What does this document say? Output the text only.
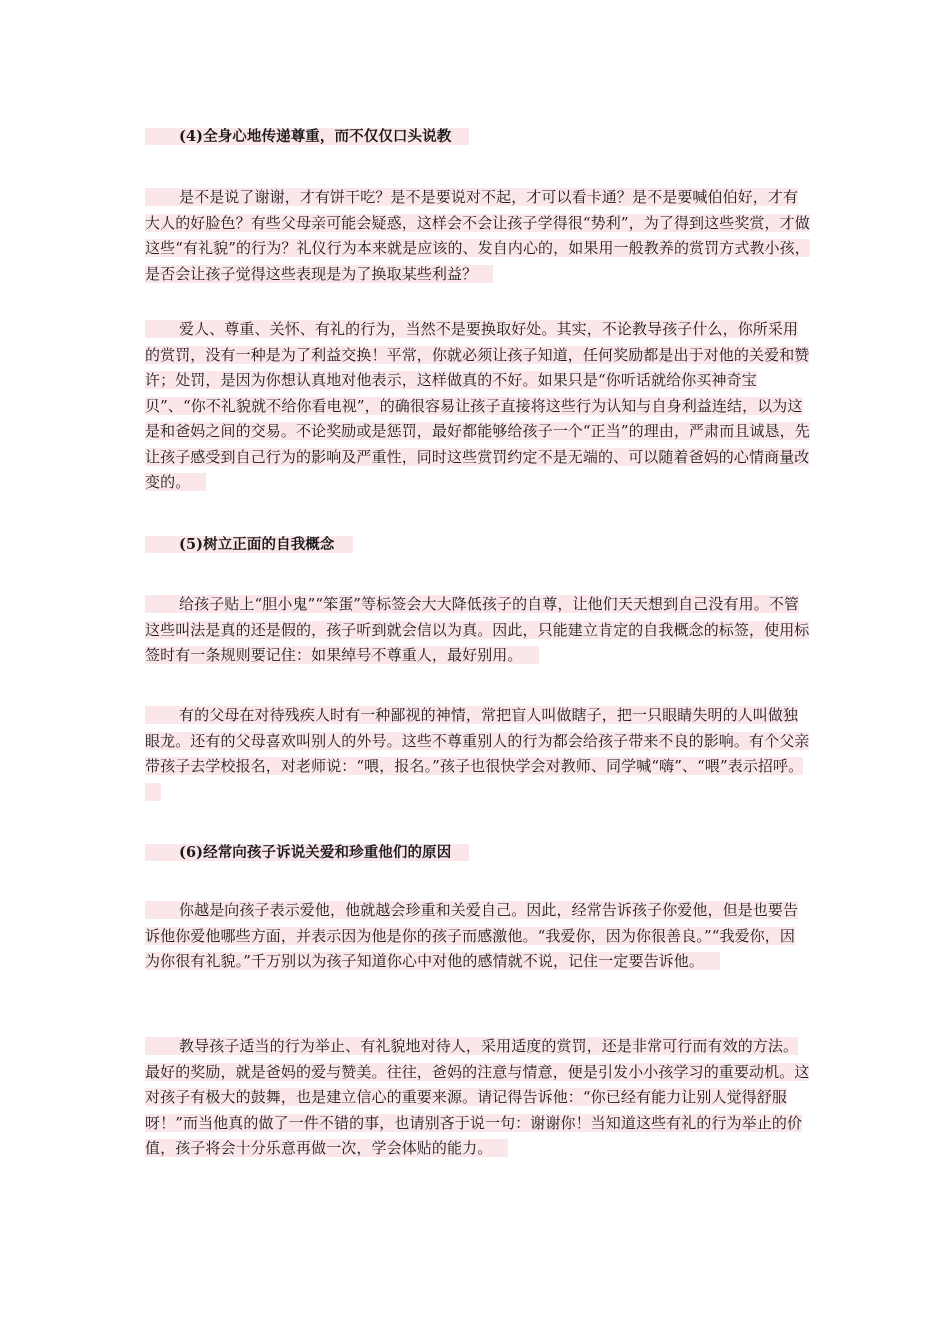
(4)全身心地传递尊重，而不仅仅口头说教
是不是说了谢谢，才有饼干吃？是不是要说对不起，才可以看卡通？是不是要喊伯伯好，才有大人的好脸色？有些父母亲可能会疑惑，这样会不会让孩子学得很“势利”，为了得到这些奖赏，才做这些“有礼貌”的行为？礼仪行为本来就是应该的、发自内心的，如果用一般教养的赏罚方式教小孩，是否会让孩子觉得这些表现是为了换取某些利益？
爱人、尊重、关怀、有礼的行为，当然不是要换取好处。其实，不论教导孩子什么，你所采用的赏罚，没有一种是为了利益交换！平常，你就必须让孩子知道，任何奖励都是出于对他的关爱和赞许；处罚，是因为你想认真地对他表示，这样做真的不好。如果只是“你听话就给你买神奇宝贝”、“你不礼貌就不给你看电视”，的确很容易让孩子直接将这些行为认知与自身利益连结，以为这是和爸妈之间的交易。不论奖励或是惩罚，最好都能够给孩子一个“正当”的理由，严肃而且诚恳，先让孩子感受到自己行为的影响及严重性，同时这些赏罚约定不是无端的、可以随着爸妈的心情商量改变的。
(5)树立正面的自我概念
给孩子贴上“胆小鬼”“笨蛋”等标签会大大降低孩子的自尊，让他们天天想到自己没有用。不管这些叫法是真的还是假的，孩子听到就会信以为真。因此，只能建立肯定的自我概念的标签，使用标签时有一条规则要记住：如果绰号不尊重人，最好别用。
有的父母在对待残疾人时有一种鄙视的神情，常把盲人叫做瞎子，把一只眼睛失明的人叫做独眼龙。还有的父母喜欢叫别人的外号。这些不尊重别人的行为都会给孩子带来不良的影响。有个父亲带孩子去学校报名，对老师说：“喂，报名。”孩子也很快学会对教师、同学喊“嗨”、“喂”表示招呼。
(6)经常向孩子诉说关爱和珍重他们的原因
你越是向孩子表示爱他，他就越会珍重和关爱自己。因此，经常告诉孩子你爱他，但是也要告诉他你爱他哪些方面，并表示因为他是你的孩子而感激他。“我爱你，因为你很善良。”“我爱你，因为你很有礼貌。”千万别以为孩子知道你心中对他的感情就不说，记住一定要告诉他。
教导孩子适当的行为举止、有礼貌地对待人，采用适度的赏罚，还是非常可行而有效的方法。最好的奖励，就是爸妈的爱与赞美。往往，爸妈的注意与情意，便是引发小小孩学习的重要动机。这对孩子有极大的鼓舞，也是建立信心的重要来源。请记得告诉他：“你已经有能力让别人觉得舒服呀！”而当他真的做了一件不错的事，也请别吝于说一句：谢谢你！当知道这些有礼的行为举止的价值，孩子将会十分乐意再做一次，学会体贴的能力。
